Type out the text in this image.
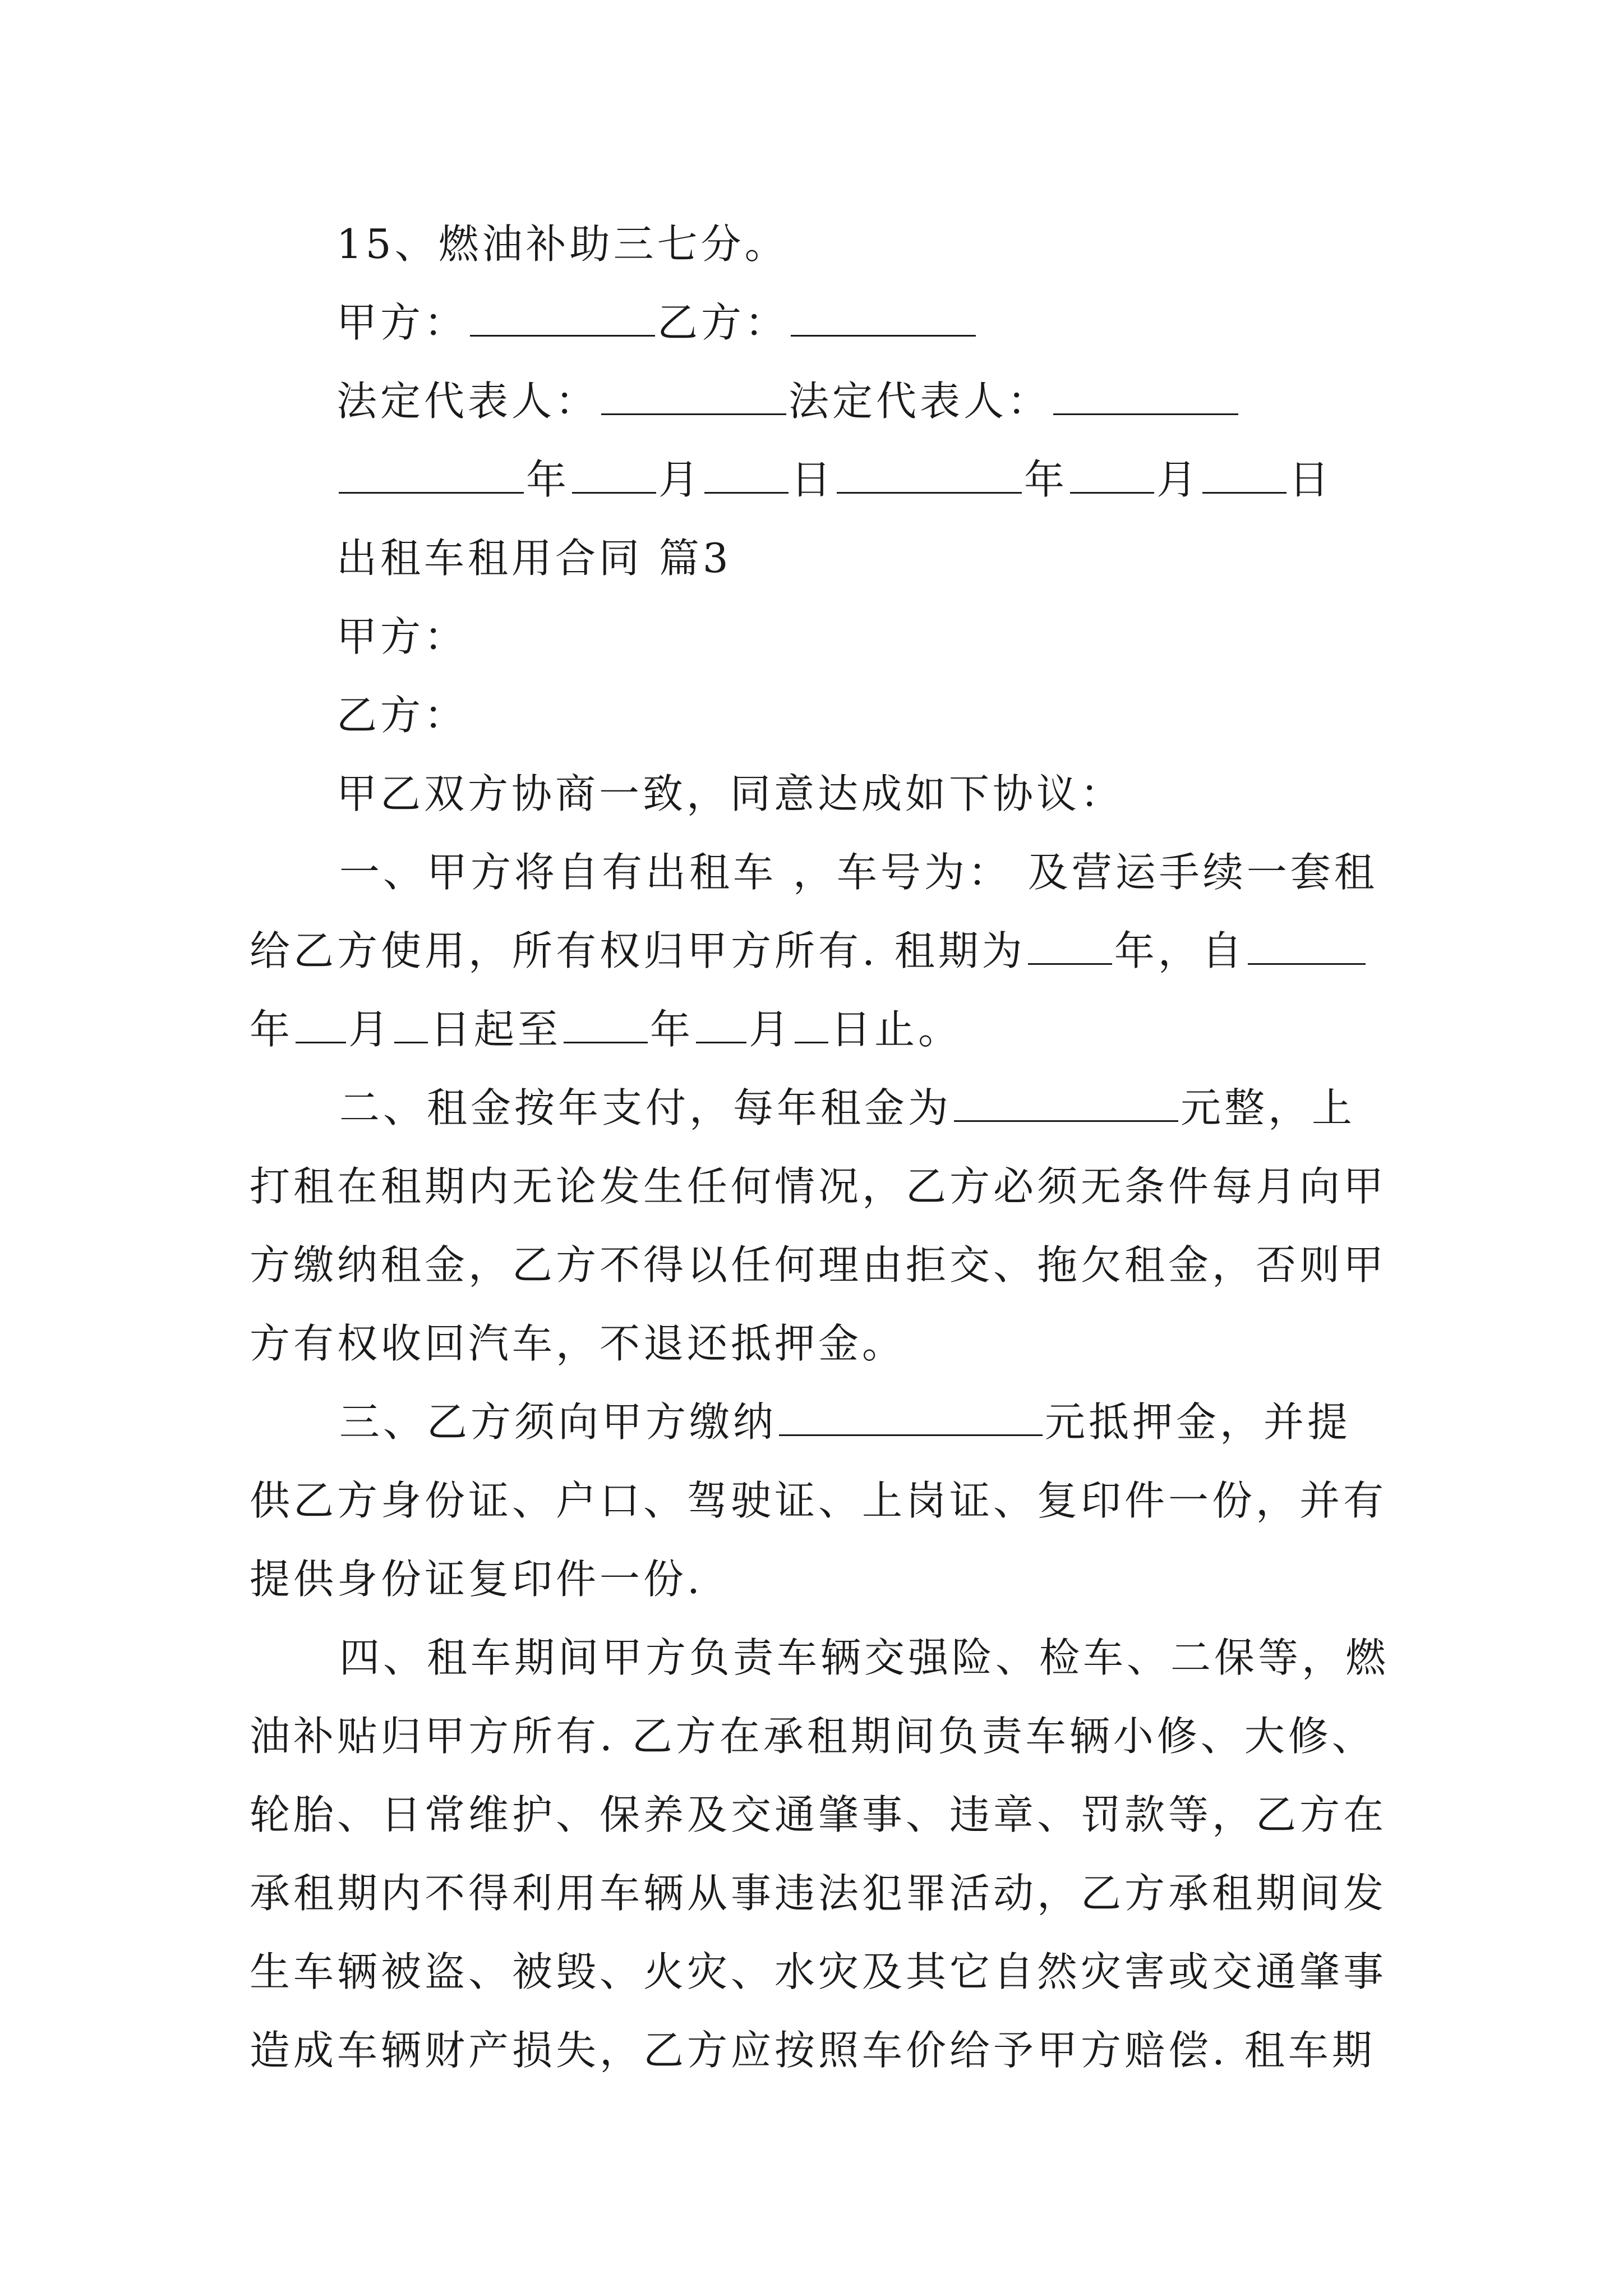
15、燃油补助三七分。
甲方：	乙方：
法定代表人：	法定代表人：
年 月 日	年 月 日
出租车租用合同 篇3
甲方：
乙方：
甲乙双方协商一致，同意达成如下协议：
一、甲方将自有出租车 ，车号为： 及营运手续一套租
给乙方使用，所有权归甲方所有. 租期为 年，自
年 月 日起至 年 月 日止。
二、租金按年支付，每年租金为	元整，上
打租在租期内无论发生任何情况，乙方必须无条件每月向甲
方缴纳租金，乙方不得以任何理由拒交、拖欠租金，否则甲
方有权收回汽车，不退还抵押金。
三、乙方须向甲方缴纳	元抵押金，并提
供乙方身份证、户口、驾驶证、上岗证、复印件一份，并有
提供身份证复印件一份.
四、租车期间甲方负责车辆交强险、检车、二保等，燃
油补贴归甲方所有. 乙方在承租期间负责车辆小修、大修、
轮胎、日常维护、保养及交通肇事、违章、罚款等，乙方在
承租期内不得利用车辆从事违法犯罪活动，乙方承租期间发
生车辆被盗、被毁、火灾、水灾及其它自然灾害或交通肇事
造成车辆财产损失，乙方应按照车价给予甲方赔偿. 租车期
